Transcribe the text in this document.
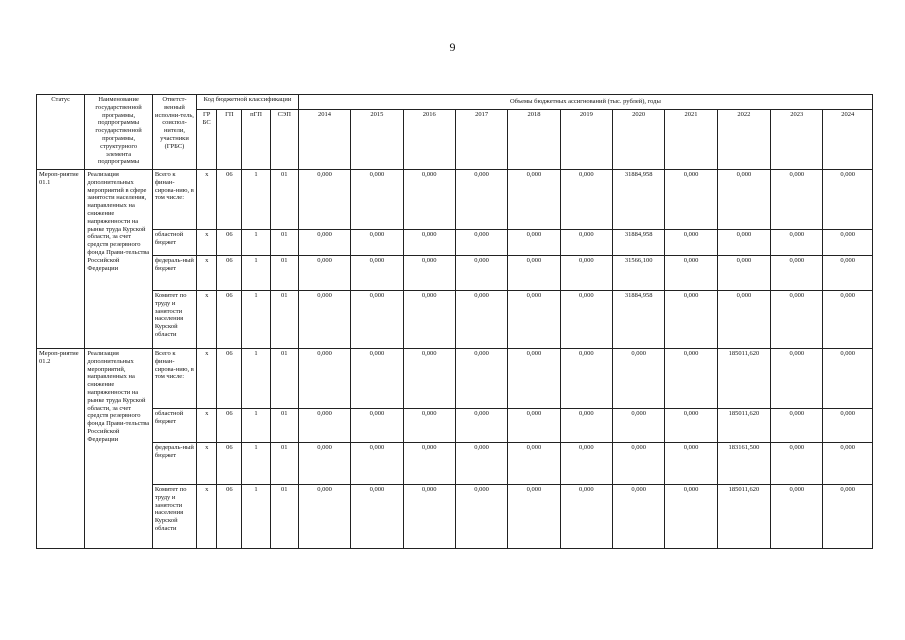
9
Статус	Наименование государственной программы, подпрограммы государственной программы, структурного элемента подпрограммы	Ответст-венный исполни-тель, соиспол-нители, участники (ГРБС)	Код бюджетной классификации				Объемы бюджетных ассигнований (тыс. рублей), годы										
			ГР БС	ГП	пГП	СЭП	2014	2015	2016	2017	2018	2019	2020	2021	2022	2023	2024
Мероп-риятие 01.1	Реализация дополнительных мероприятий в сфере занятости населения, направленных на снижение напряженности на рынке труда Курской области, за счет средств резервного фонда Прави-тельства Российской Федерации	Всего к финан-сирова-нию, в том числе:	х	06	1	01	0,000	0,000	0,000	0,000	0,000	0,000	31884,958	0,000	0,000	0,000	0,000
		областной бюджет	х	06	1	01	0,000	0,000	0,000	0,000	0,000	0,000	31884,958	0,000	0,000	0,000	0,000
		федераль-ный бюджет	х	06	1	01	0,000	0,000	0,000	0,000	0,000	0,000	31566,100	0,000	0,000	0,000	0,000
		Комитет по труду и занятости населения Курской области	х	06	1	01	0,000	0,000	0,000	0,000	0,000	0,000	31884,958	0,000	0,000	0,000	0,000
Мероп-риятие 01.2	Реализация дополнительных мероприятий, направленных на снижение напряженности на рынке труда Курской области, за счет средств резервного фонда Прави-тельства Российской Федерации	Всего к финан-сирова-нию, в том числе:	х	06	1	01	0,000	0,000	0,000	0,000	0,000	0,000	0,000	0,000	185011,620	0,000	0,000
		областной бюджет	х	06	1	01	0,000	0,000	0,000	0,000	0,000	0,000	0,000	0,000	185011,620	0,000	0,000
		федераль-ный бюджет	х	06	1	01	0,000	0,000	0,000	0,000	0,000	0,000	0,000	0,000	183161,500	0,000	0,000
		Комитет по труду и занятости населения Курской области	х	06	1	01	0,000	0,000	0,000	0,000	0,000	0,000	0,000	0,000	185011,620	0,000	0,000
